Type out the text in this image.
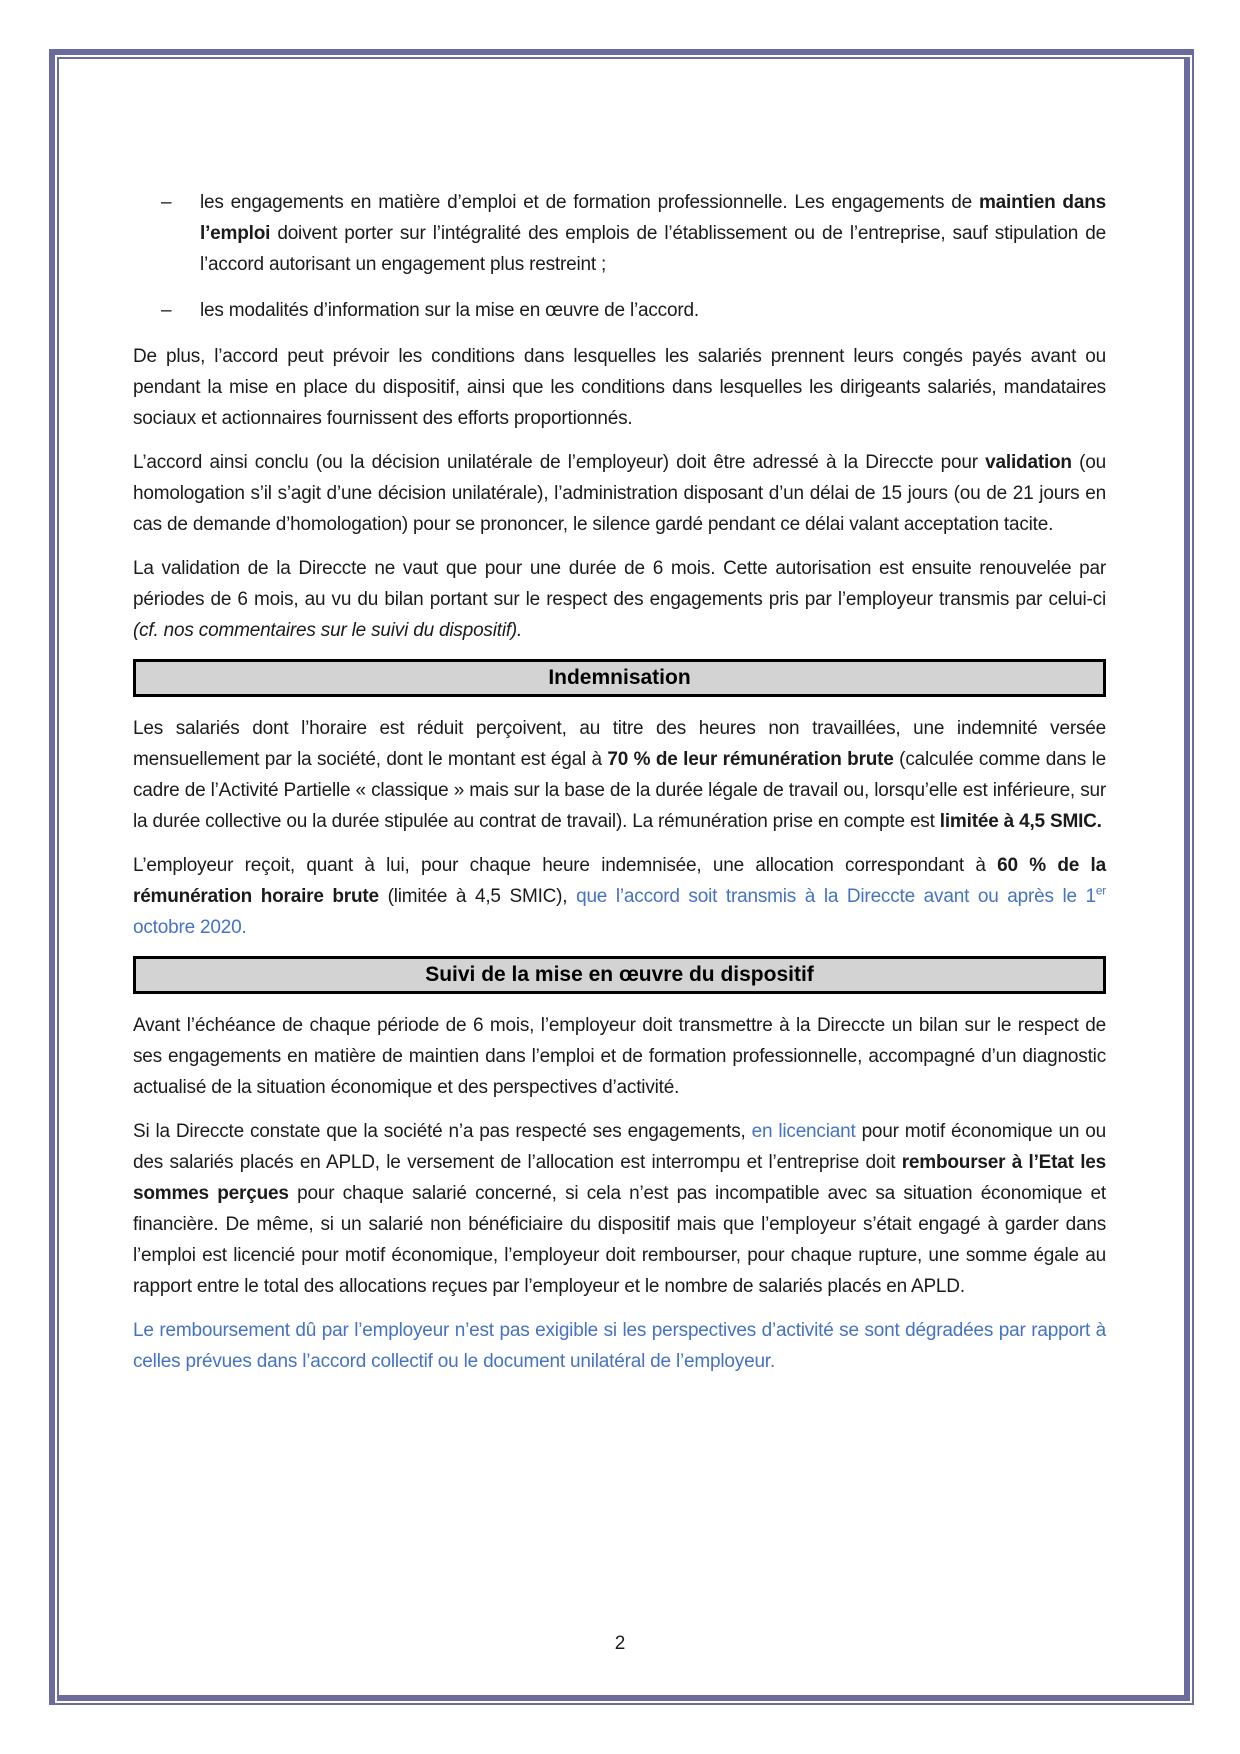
– les engagements en matière d’emploi et de formation professionnelle. Les engagements de maintien dans l’emploi doivent porter sur l’intégralité des emplois de l’établissement ou de l’entreprise, sauf stipulation de l’accord autorisant un engagement plus restreint ;

– les modalités d’information sur la mise en œuvre de l’accord.

De plus, l’accord peut prévoir les conditions dans lesquelles les salariés prennent leurs congés payés avant ou pendant la mise en place du dispositif, ainsi que les conditions dans lesquelles les dirigeants salariés, mandataires sociaux et actionnaires fournissent des efforts proportionnés.

L’accord ainsi conclu (ou la décision unilatérale de l’employeur) doit être adressé à la Direccte pour validation (ou homologation s’il s’agit d’une décision unilatérale), l’administration disposant d’un délai de 15 jours (ou de 21 jours en cas de demande d’homologation) pour se prononcer, le silence gardé pendant ce délai valant acceptation tacite.

La validation de la Direccte ne vaut que pour une durée de 6 mois. Cette autorisation est ensuite renouvelée par périodes de 6 mois, au vu du bilan portant sur le respect des engagements pris par l’employeur transmis par celui-ci (cf. nos commentaires sur le suivi du dispositif).

Indemnisation

Les salariés dont l’horaire est réduit perçoivent, au titre des heures non travaillées, une indemnité versée mensuellement par la société, dont le montant est égal à 70 % de leur rémunération brute (calculée comme dans le cadre de l’Activité Partielle « classique » mais sur la base de la durée légale de travail ou, lorsqu’elle est inférieure, sur la durée collective ou la durée stipulée au contrat de travail). La rémunération prise en compte est limitée à 4,5 SMIC.

L’employeur reçoit, quant à lui, pour chaque heure indemnisée, une allocation correspondant à 60 % de la rémunération horaire brute (limitée à 4,5 SMIC), que l’accord soit transmis à la Direccte avant ou après le 1er octobre 2020.

Suivi de la mise en œuvre du dispositif

Avant l’échéance de chaque période de 6 mois, l’employeur doit transmettre à la Direccte un bilan sur le respect de ses engagements en matière de maintien dans l’emploi et de formation professionnelle, accompagné d’un diagnostic actualisé de la situation économique et des perspectives d’activité.

Si la Direccte constate que la société n’a pas respecté ses engagements, en licenciant pour motif économique un ou des salariés placés en APLD, le versement de l’allocation est interrompu et l’entreprise doit rembourser à l’Etat les sommes perçues pour chaque salarié concerné, si cela n’est pas incompatible avec sa situation économique et financière. De même, si un salarié non bénéficiaire du dispositif mais que l’employeur s’était engagé à garder dans l’emploi est licencié pour motif économique, l’employeur doit rembourser, pour chaque rupture, une somme égale au rapport entre le total des allocations reçues par l’employeur et le nombre de salariés placés en APLD.

Le remboursement dû par l’employeur n’est pas exigible si les perspectives d’activité se sont dégradées par rapport à celles prévues dans l’accord collectif ou le document unilatéral de l’employeur.

2
